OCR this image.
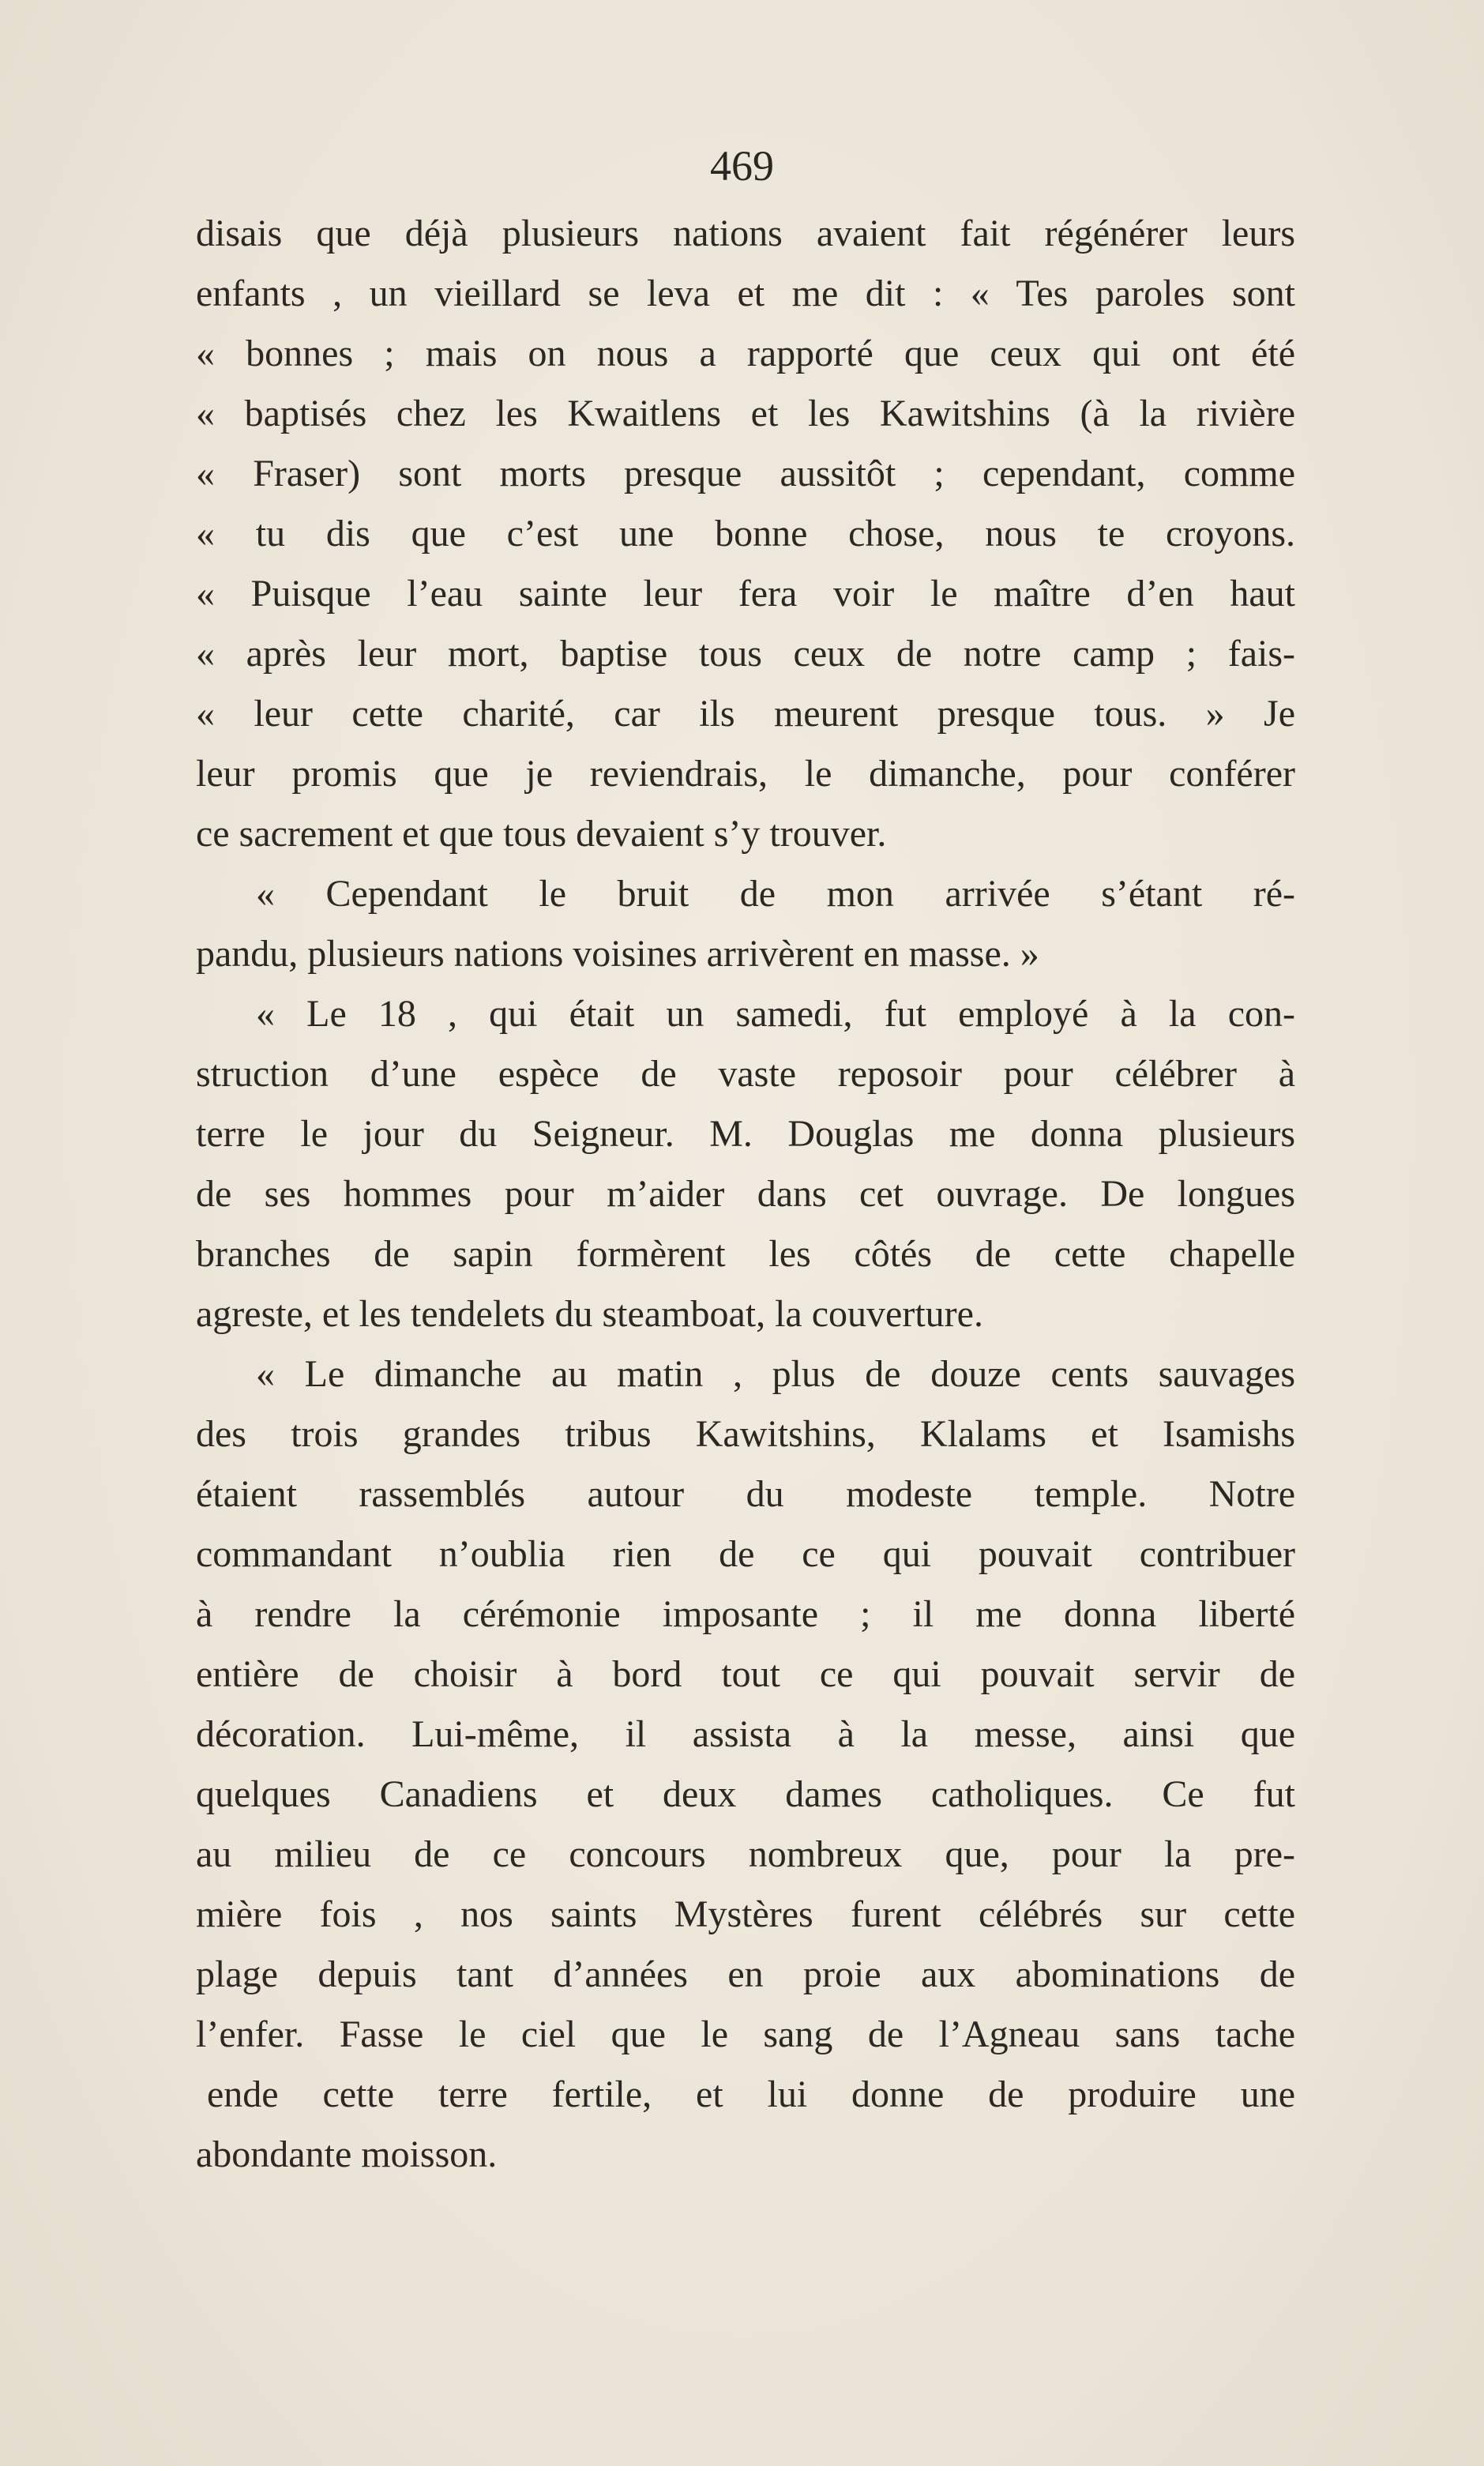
469
disais que déjà plusieurs nations avaient fait régénérer leurs
enfants , un vieillard se leva et me dit : « Tes paroles sont
« bonnes ; mais on nous a rapporté que ceux qui ont été
« baptisés chez les Kwaitlens et les Kawitshins (à la rivière
« Fraser) sont morts presque aussitôt ; cependant, comme
« tu dis que c’est une bonne chose, nous te croyons.
« Puisque l’eau sainte leur fera voir le maître d’en haut
« après leur mort, baptise tous ceux de notre camp ; fais-
« leur cette charité, car ils meurent presque tous. » Je
leur promis que je reviendrais, le dimanche, pour conférer
ce sacrement et que tous devaient s’y trouver.
« Cependant le bruit de mon arrivée s’étant ré-
pandu, plusieurs nations voisines arrivèrent en masse. »
« Le 18 , qui était un samedi, fut employé à la con-
struction d’une espèce de vaste reposoir pour célébrer à
terre le jour du Seigneur. M. Douglas me donna plusieurs
de ses hommes pour m’aider dans cet ouvrage. De longues
branches de sapin formèrent les côtés de cette chapelle
agreste, et les tendelets du steamboat, la couverture.
« Le dimanche au matin , plus de douze cents sauvages
des trois grandes tribus Kawitshins, Klalams et Isamishs
étaient rassemblés autour du modeste temple. Notre
commandant n’oublia rien de ce qui pouvait contribuer
à rendre la cérémonie imposante ; il me donna liberté
entière de choisir à bord tout ce qui pouvait servir de
décoration. Lui-même, il assista à la messe, ainsi que
quelques Canadiens et deux dames catholiques. Ce fut
au milieu de ce concours nombreux que, pour la pre-
mière fois , nos saints Mystères furent célébrés sur cette
plage depuis tant d’années en proie aux abominations de
l’enfer. Fasse le ciel que le sang de l’Agneau sans tache
ende cette terre fertile, et lui donne de produire une
abondante moisson.
